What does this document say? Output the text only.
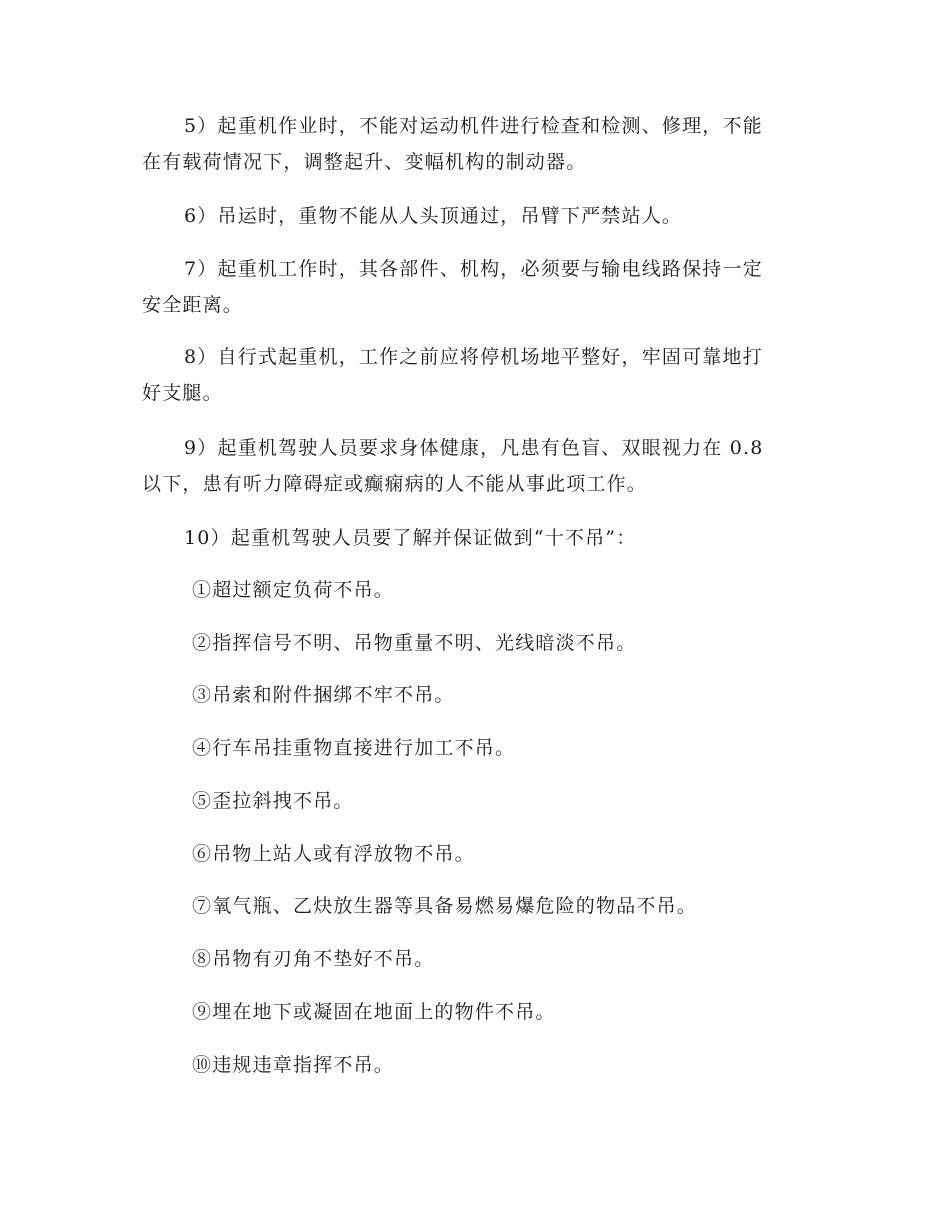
5）起重机作业时，不能对运动机件进行检查和检测、修理，不能
在有载荷情况下，调整起升、变幅机构的制动器。
6）吊运时，重物不能从人头顶通过，吊臂下严禁站人。
7）起重机工作时，其各部件、机构，必须要与输电线路保持一定
安全距离。
8）自行式起重机，工作之前应将停机场地平整好，牢固可靠地打
好支腿。
9）起重机驾驶人员要求身体健康，凡患有色盲、双眼视力在 0.8
以下，患有听力障碍症或癫痫病的人不能从事此项工作。
10）起重机驾驶人员要了解并保证做到“十不吊”：
①超过额定负荷不吊。
②指挥信号不明、吊物重量不明、光线暗淡不吊。
③吊索和附件捆绑不牢不吊。
④行车吊挂重物直接进行加工不吊。
⑤歪拉斜拽不吊。
⑥吊物上站人或有浮放物不吊。
⑦氧气瓶、乙炔放生器等具备易燃易爆危险的物品不吊。
⑧吊物有刃角不垫好不吊。
⑨埋在地下或凝固在地面上的物件不吊。
⑩违规违章指挥不吊。
